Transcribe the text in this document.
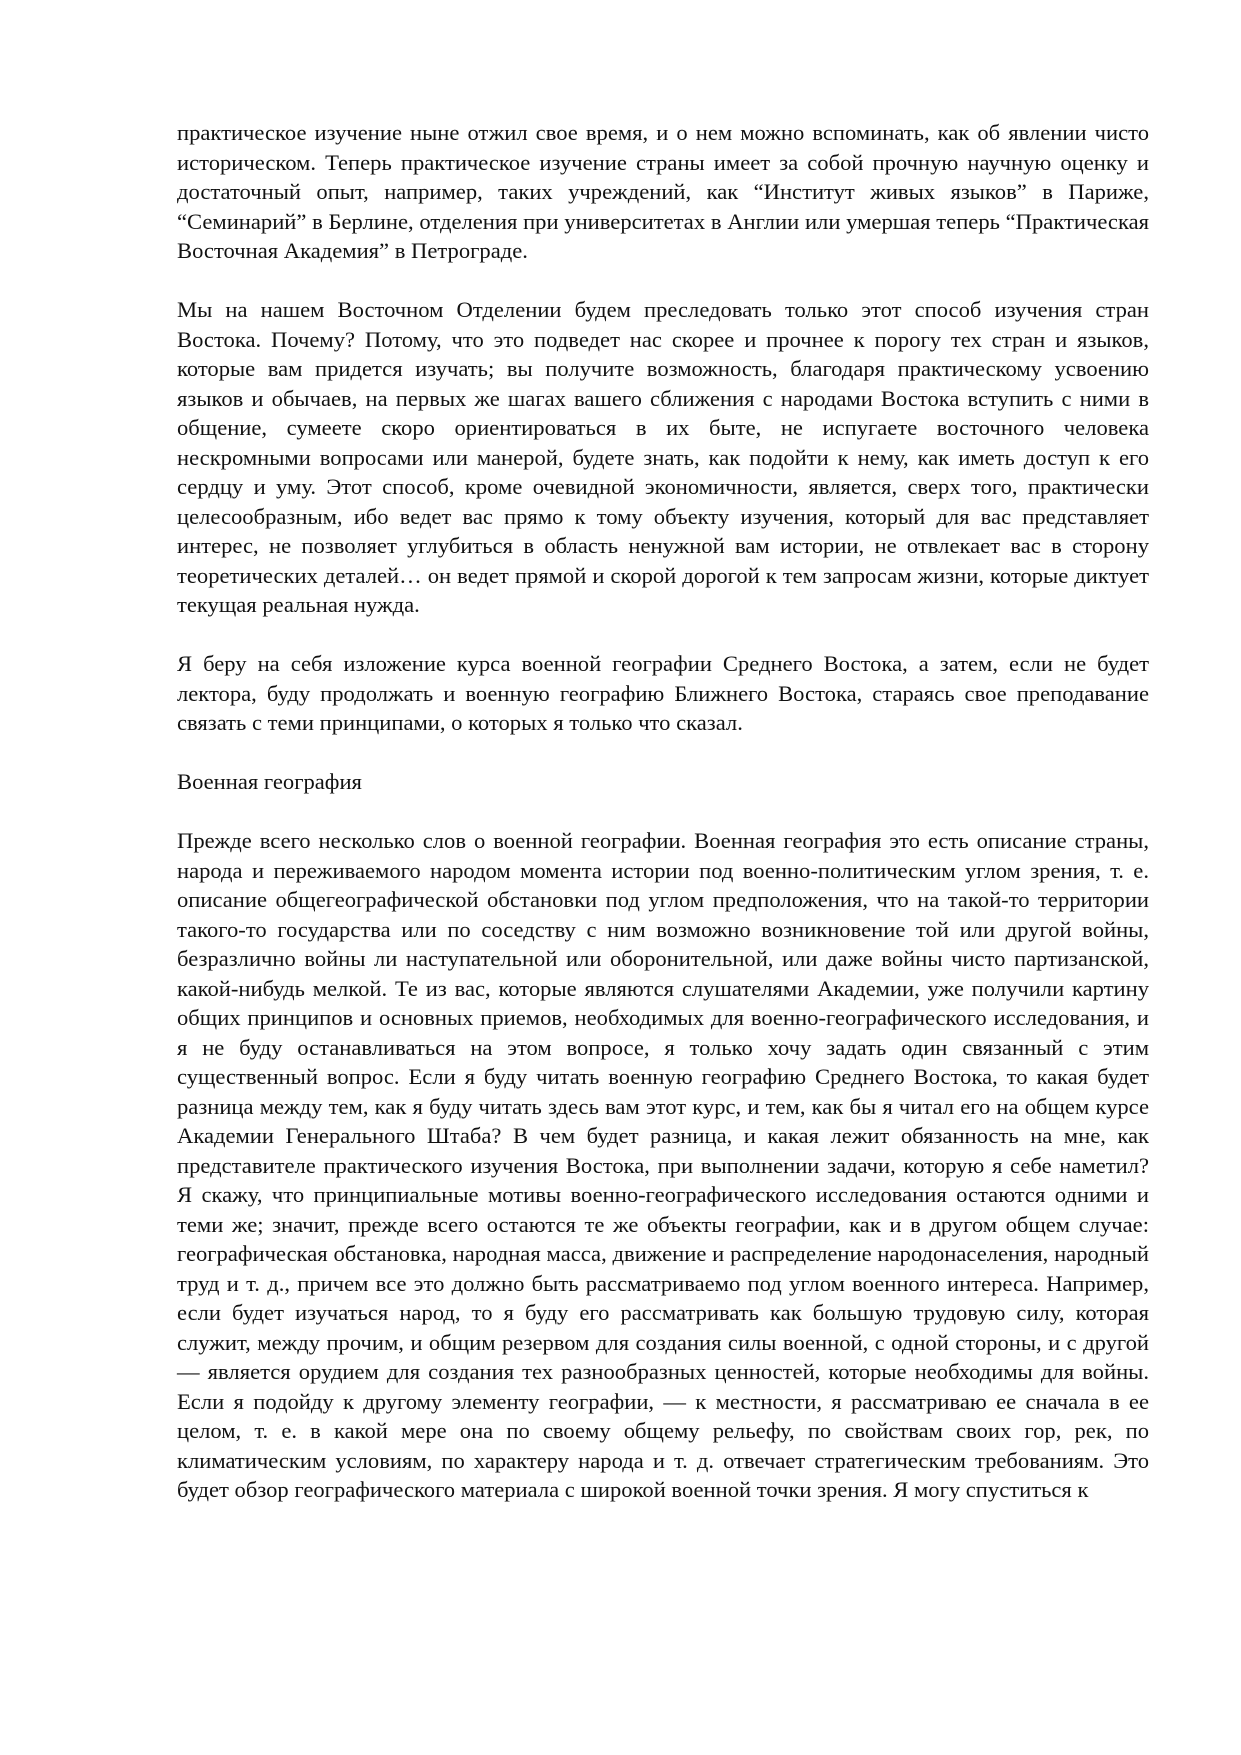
практическое изучение ныне отжил свое время, и о нем можно вспоминать, как об явлении чисто историческом. Теперь практическое изучение страны имеет за собой прочную научную оценку и достаточный опыт, например, таких учреждений, как “Институт живых языков” в Париже, “Семинарий” в Берлине, отделения при университетах в Англии или умершая теперь “Практическая Восточная Академия” в Петрограде.

Мы на нашем Восточном Отделении будем преследовать только этот способ изучения стран Востока. Почему? Потому, что это подведет нас скорее и прочнее к порогу тех стран и языков, которые вам придется изучать; вы получите возможность, благодаря практическому усвоению языков и обычаев, на первых же шагах вашего сближения с народами Востока вступить с ними в общение, сумеете скоро ориентироваться в их быте, не испугаете восточного человека нескромными вопросами или манерой, будете знать, как подойти к нему, как иметь доступ к его сердцу и уму. Этот способ, кроме очевидной экономичности, является, сверх того, практически целесообразным, ибо ведет вас прямо к тому объекту изучения, который для вас представляет интерес, не позволяет углубиться в область ненужной вам истории, не отвлекает вас в сторону теоретических деталей… он ведет прямой и скорой дорогой к тем запросам жизни, которые диктует текущая реальная нужда.

Я беру на себя изложение курса военной географии Среднего Востока, а затем, если не будет лектора, буду продолжать и военную географию Ближнего Востока, стараясь свое преподавание связать с теми принципами, о которых я только что сказал.

Военная география

Прежде всего несколько слов о военной географии. Военная география это есть описание страны, народа и переживаемого народом момента истории под военно-политическим углом зрения, т. е. описание общегеографической обстановки под углом предположения, что на такой-то территории такого-то государства или по соседству с ним возможно возникновение той или другой войны, безразлично войны ли наступательной или оборонительной, или даже войны чисто партизанской, какой-нибудь мелкой. Те из вас, которые являются слушателями Академии, уже получили картину общих принципов и основных приемов, необходимых для военно-географического исследования, и я не буду останавливаться на этом вопросе, я только хочу задать один связанный с этим существенный вопрос. Если я буду читать военную географию Среднего Востока, то какая будет разница между тем, как я буду читать здесь вам этот курс, и тем, как бы я читал его на общем курсе Академии Генерального Штаба? В чем будет разница, и какая лежит обязанность на мне, как представителе практического изучения Востока, при выполнении задачи, которую я себе наметил? Я скажу, что принципиальные мотивы военно-географического исследования остаются одними и теми же; значит, прежде всего остаются те же объекты географии, как и в другом общем случае: географическая обстановка, народная масса, движение и распределение народонаселения, народный труд и т. д., причем все это должно быть рассматриваемо под углом военного интереса. Например, если будет изучаться народ, то я буду его рассматривать как большую трудовую силу, которая служит, между прочим, и общим резервом для создания силы военной, с одной стороны, и с другой — является орудием для создания тех разнообразных ценностей, которые необходимы для войны. Если я подойду к другому элементу географии, — к местности, я рассматриваю ее сначала в ее целом, т. е. в какой мере она по своему общему рельефу, по свойствам своих гор, рек, по климатическим условиям, по характеру народа и т. д. отвечает стратегическим требованиям. Это будет обзор географического материала с широкой военной точки зрения. Я могу спуститься к
